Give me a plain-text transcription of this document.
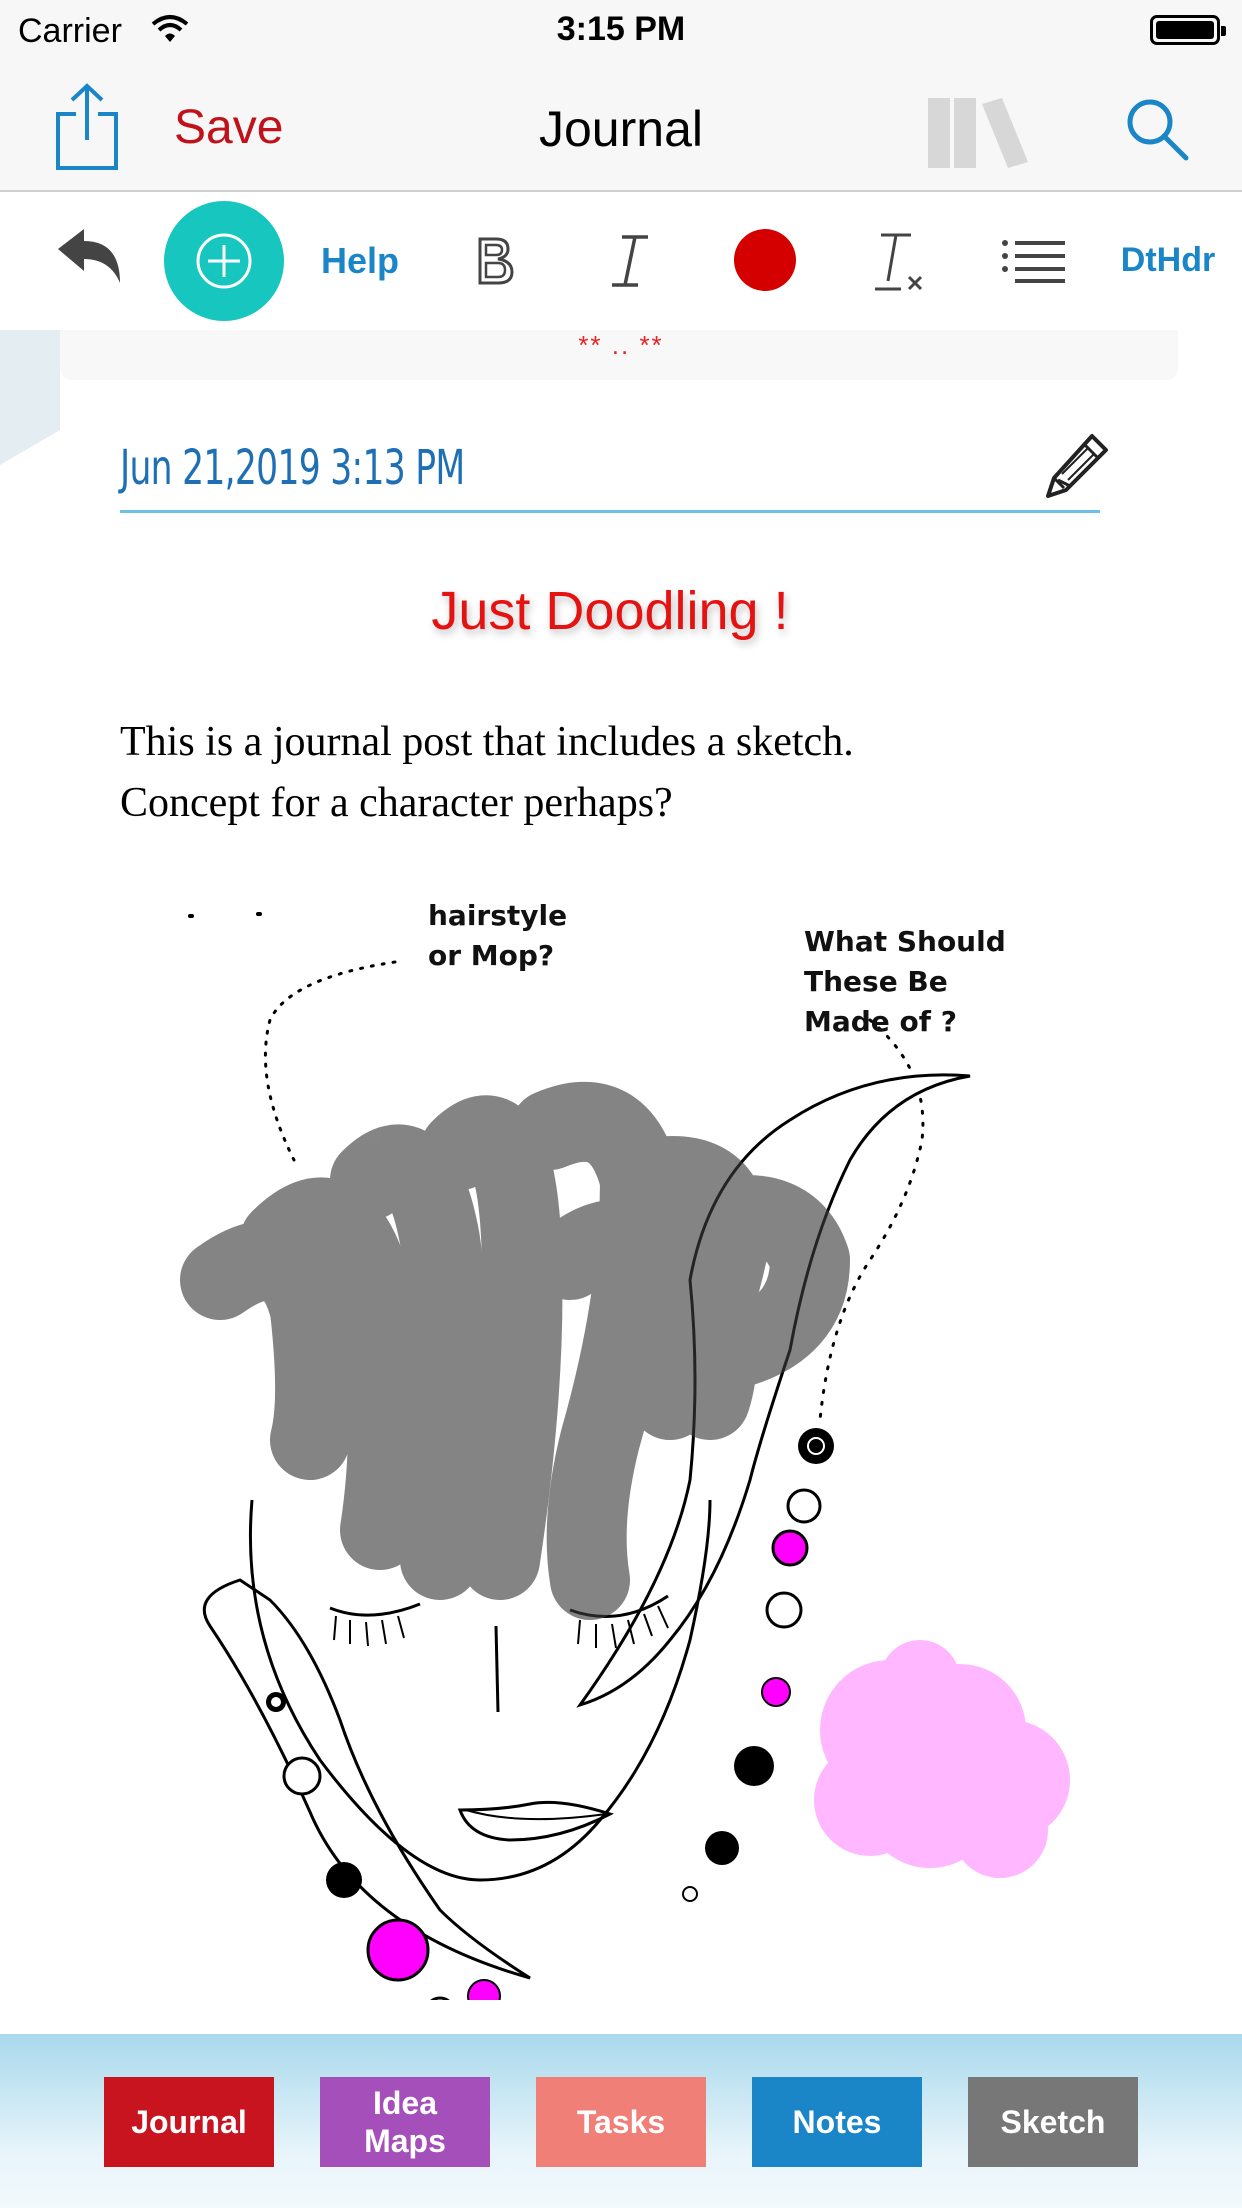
Carrier	3:15 PM
Save	Journal
Help	DtHdr
** .. **
Jun 21,2019 3:13 PM
Just Doodling !
This is a journal post that includes a sketch.
Concept for a character perhaps?
hairstyle
or Mop?	What Should
These Be
Made of ?
Journal
Idea Maps
Tasks	Notes	Sketch
